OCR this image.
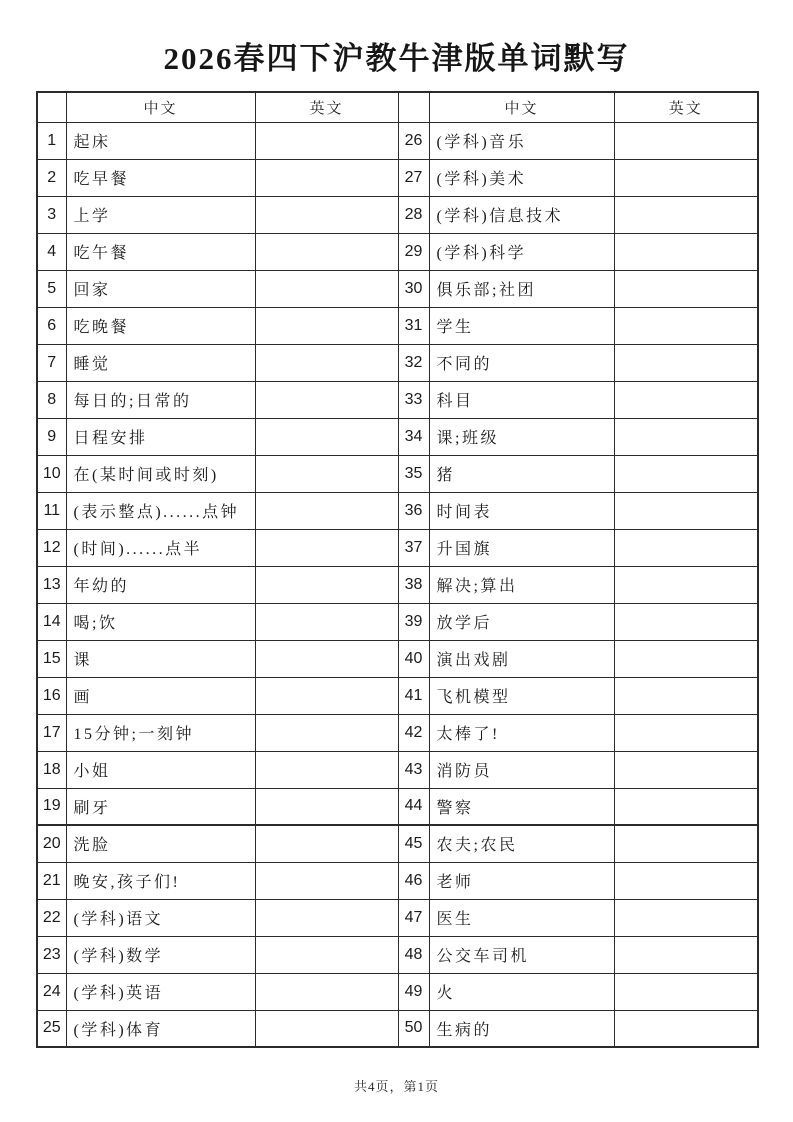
2026春四下沪教牛津版单词默写
	中文	英文		中文	英文
1	起床		26	(学科)音乐	
2	吃早餐		27	(学科)美术	
3	上学		28	(学科)信息技术	
4	吃午餐		29	(学科)科学	
5	回家		30	俱乐部;社团	
6	吃晚餐		31	学生	
7	睡觉		32	不同的	
8	每日的;日常的		33	科目	
9	日程安排		34	课;班级	
10	在(某时间或时刻)		35	猪	
11	(表示整点)......点钟		36	时间表	
12	(时间)......点半		37	升国旗	
13	年幼的		38	解决;算出	
14	喝;饮		39	放学后	
15	课		40	演出戏剧	
16	画		41	飞机模型	
17	15分钟;一刻钟		42	太棒了!	
18	小姐		43	消防员	
19	刷牙		44	警察	
20	洗脸		45	农夫;农民	
21	晚安,孩子们!		46	老师	
22	(学科)语文		47	医生	
23	(学科)数学		48	公交车司机	
24	(学科)英语		49	火	
25	(学科)体育		50	生病的	
共4页，第1页
